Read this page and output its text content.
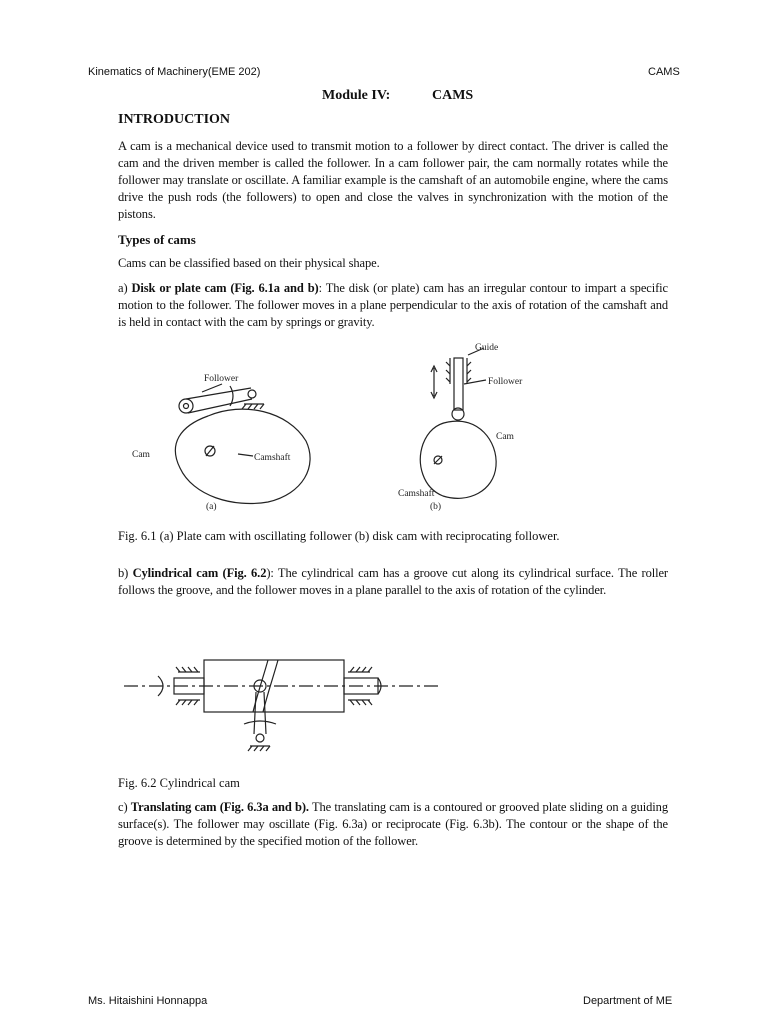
Kinematics of Machinery(EME 202)	CAMS
Module IV:	CAMS
INTRODUCTION
A cam is a mechanical device used to transmit motion to a follower by direct contact. The driver is called the cam and the driven member is called the follower. In a cam follower pair, the cam normally rotates while the follower may translate or oscillate. A familiar example is the camshaft of an automobile engine, where the cams drive the push rods (the followers) to open and close the valves in synchronization with the motion of the pistons.
Types of cams
Cams can be classified based on their physical shape.
a) Disk or plate cam (Fig. 6.1a and b): The disk (or plate) cam has an irregular contour to impart a specific motion to the follower. The follower moves in a plane perpendicular to the axis of rotation of the camshaft and is held in contact with the cam by springs or gravity.
Follower
Cam	Camshaft
(a)
Guide
Follower
Cam
Camshaft
(b)
Fig. 6.1 (a) Plate cam with oscillating follower (b) disk cam with reciprocating follower.
b) Cylindrical cam (Fig. 6.2): The cylindrical cam has a groove cut along its cylindrical surface. The roller follows the groove, and the follower moves in a plane parallel to the axis of rotation of the cylinder.
Fig. 6.2 Cylindrical cam
c) Translating cam (Fig. 6.3a and b). The translating cam is a contoured or grooved plate sliding on a guiding surface(s). The follower may oscillate (Fig. 6.3a) or reciprocate (Fig. 6.3b). The contour or the shape of the groove is determined by the specified motion of the follower.
Ms. Hitaishini Honnappa	Department of ME
